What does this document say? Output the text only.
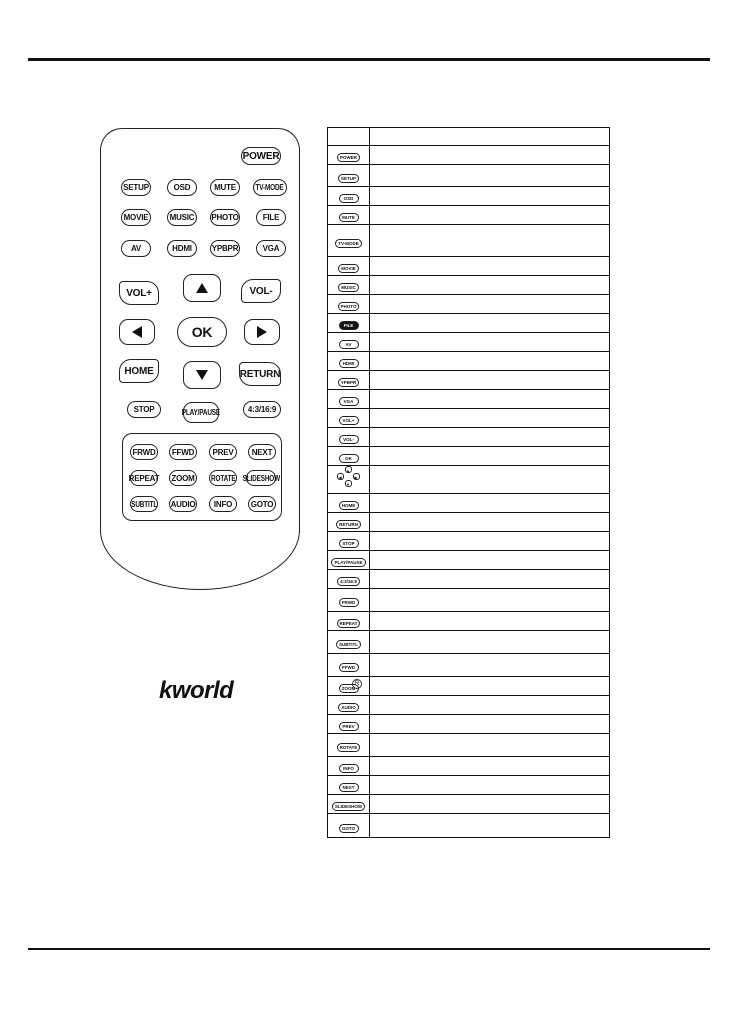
POWER
SETUP	OSD	MUTE	TV-MODE
MOVIE	MUSIC PHOTO	FILE
AV	HDMI YPBPR	VGA
VOL+	VOL-
OK
HOME	RETURN
STOP	PLAY/PAUSE	4:3/16:9
FRWD FFWD PREV NEXT
REPEAT ZOOM ROTATE SLIDESHOW
SUBTITL AUDIO INFO GOTO
kworld	R

POWER	
SETUP	
OSD	
MUTE	
TV-MODE	
MOVIE	
MUSIC	
PHOTO	
FILE	
AV	
HDMI	
YPBPR	
VGA	
VOL+	
VOL-	
OK	

▲
◀ ▶
▼	

HOME	
RETURN	
STOP	
PLAY/PAUSE	
4:3/16:9	
FRWD	
REPEAT	
SUBTITL	
FFWD	
ZOOM	
AUDIO	
PREV	
ROTATE	
INFO	
NEXT	
SLIDESHOW	
GOTO	
